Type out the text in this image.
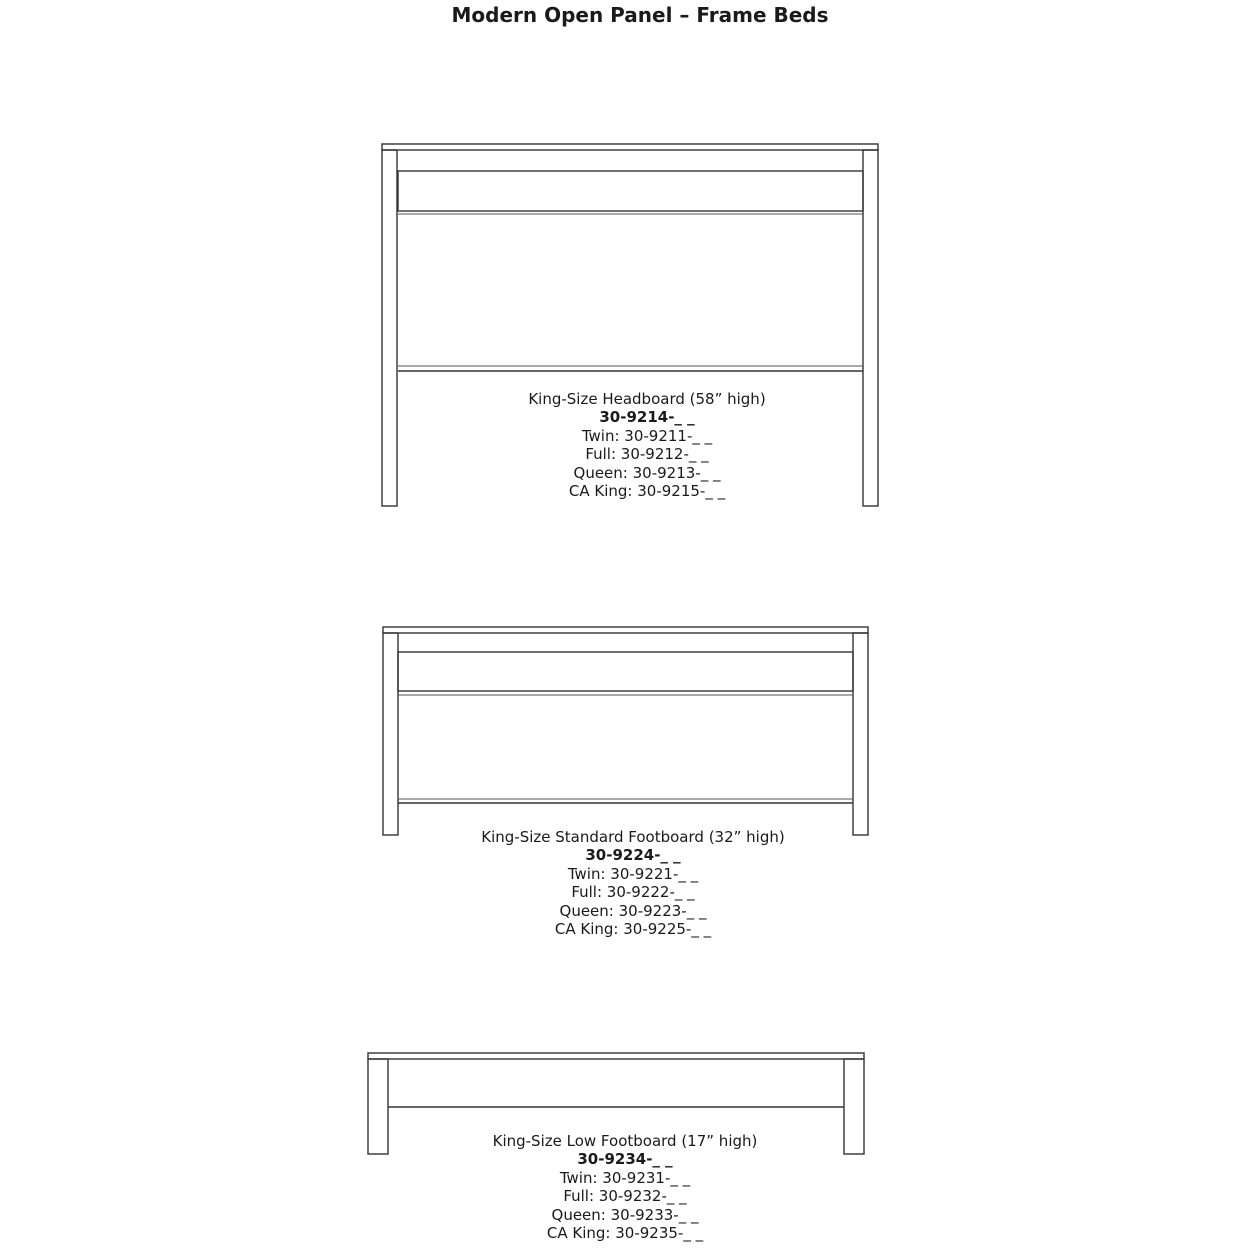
Modern Open Panel – Frame Beds
King-Size Headboard (58” high)
30-9214-_ _
Twin: 30-9211-_ _
Full: 30-9212-_ _
Queen: 30-9213-_ _
CA King: 30-9215-_ _
King-Size Standard Footboard (32” high)
30-9224-_ _
Twin: 30-9221-_ _
Full: 30-9222-_ _
Queen: 30-9223-_ _
CA King: 30-9225-_ _
King-Size Low Footboard (17” high)
30-9234-_ _
Twin: 30-9231-_ _
Full: 30-9232-_ _
Queen: 30-9233-_ _
CA King: 30-9235-_ _
